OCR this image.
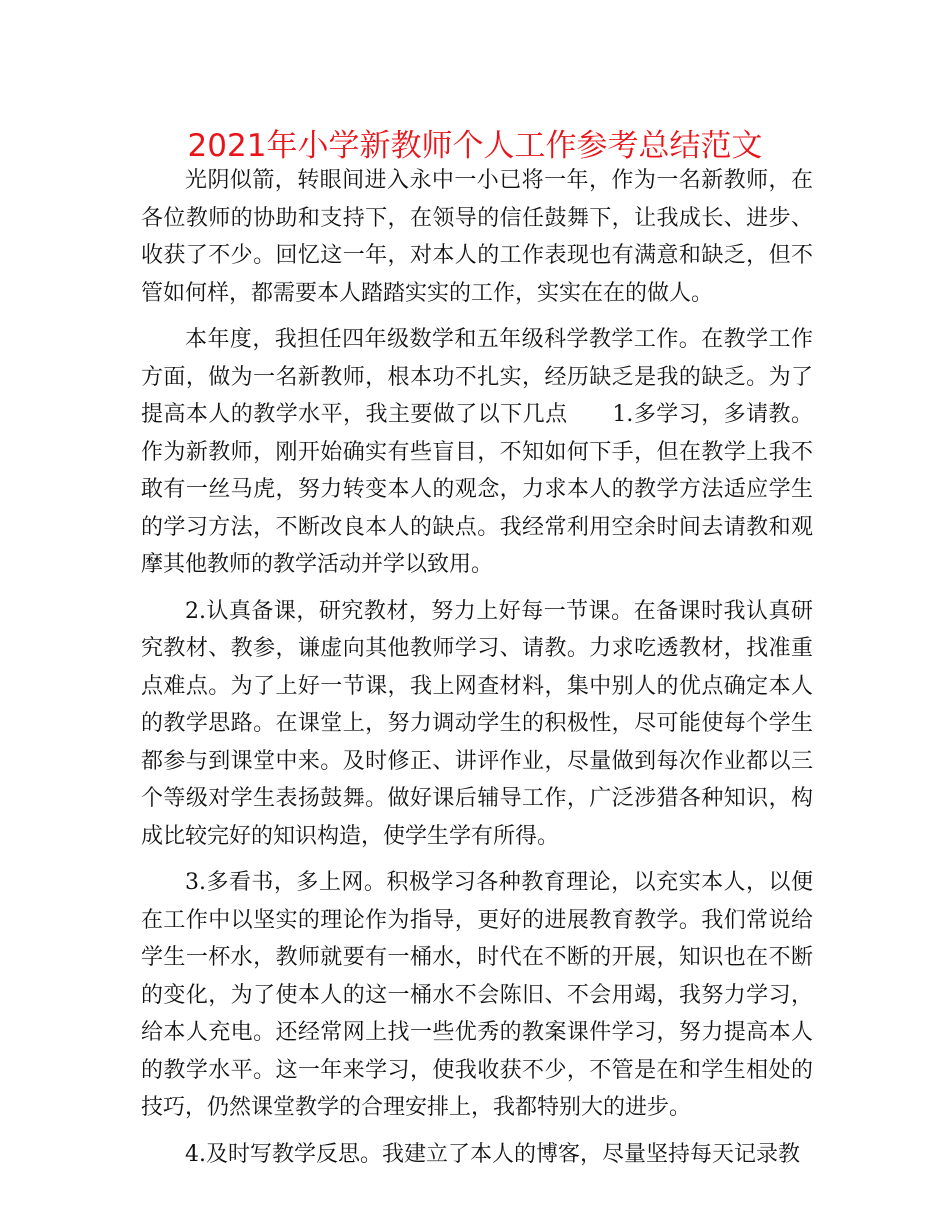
2021年小学新教师个人工作参考总结范文

光阴似箭，转眼间进入永中一小已将一年，作为一名新教师，在各位教师的协助和支持下，在领导的信任鼓舞下，让我成长、进步、收获了不少。回忆这一年，对本人的工作表现也有满意和缺乏，但不管如何样，都需要本人踏踏实实的工作，实实在在的做人。

本年度，我担任四年级数学和五年级科学教学工作。在教学工作方面，做为一名新教师，根本功不扎实，经历缺乏是我的缺乏。为了提高本人的教学水平，我主要做了以下几点　　1.多学习，多请教。作为新教师，刚开始确实有些盲目，不知如何下手，但在教学上我不敢有一丝马虎，努力转变本人的观念，力求本人的教学方法适应学生的学习方法，不断改良本人的缺点。我经常利用空余时间去请教和观摩其他教师的教学活动并学以致用。

2.认真备课，研究教材，努力上好每一节课。在备课时我认真研究教材、教参，谦虚向其他教师学习、请教。力求吃透教材，找准重点难点。为了上好一节课，我上网查材料，集中别人的优点确定本人的教学思路。在课堂上，努力调动学生的积极性，尽可能使每个学生都参与到课堂中来。及时修正、讲评作业，尽量做到每次作业都以三个等级对学生表扬鼓舞。做好课后辅导工作，广泛涉猎各种知识，构成比较完好的知识构造，使学生学有所得。

3.多看书，多上网。积极学习各种教育理论，以充实本人，以便在工作中以坚实的理论作为指导，更好的进展教育教学。我们常说给学生一杯水，教师就要有一桶水，时代在不断的开展，知识也在不断的变化，为了使本人的这一桶水不会陈旧、不会用竭，我努力学习，给本人充电。还经常网上找一些优秀的教案课件学习，努力提高本人的教学水平。这一年来学习，使我收获不少，不管是在和学生相处的技巧，仍然课堂教学的合理安排上，我都特别大的进步。

4.及时写教学反思。我建立了本人的博客，尽量坚持每天记录教
